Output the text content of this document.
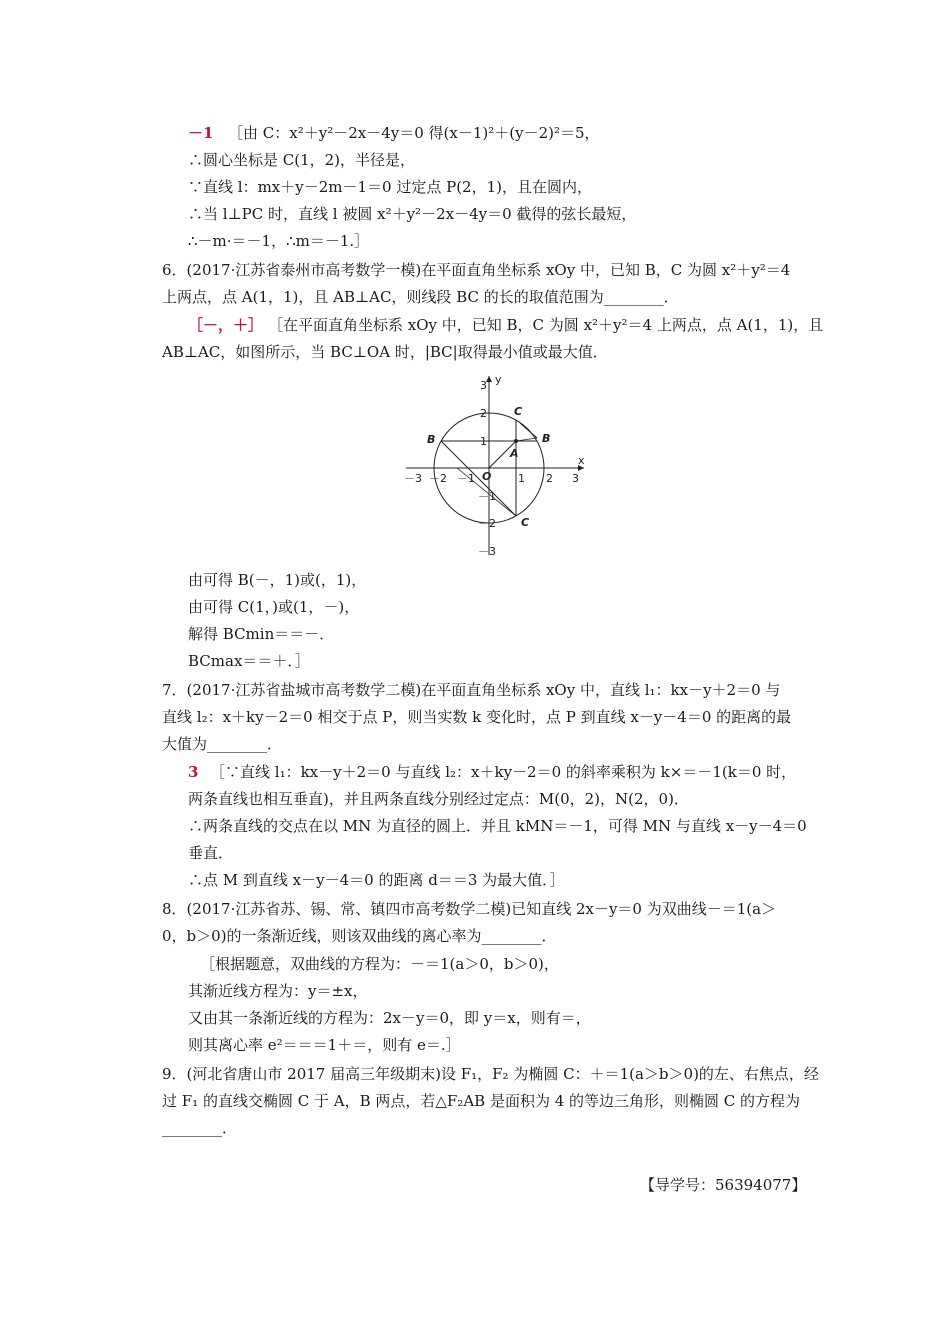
－1 ［由 C：x²＋y²－2x－4y＝0 得(x－1)²＋(y－2)²＝5，
∴圆心坐标是 C(1，2)，半径是，
∵直线 l：mx＋y－2m－1＝0 过定点 P(2，1)，且在圆内，
∴当 l⊥PC 时，直线 l 被圆 x²＋y²－2x－4y＝0 截得的弦长最短，
∴－m·＝－1，∴m＝－1.］
6．(2017·江苏省泰州市高考数学一模)在平面直角坐标系 xOy 中，已知 B，C 为圆 x²＋y²＝4
上两点，点 A(1，1)，且 AB⊥AC，则线段 BC 的长的取值范围为________．
［－，＋］ ［在平面直角坐标系 xOy 中，已知 B，C 为圆 x²＋y²＝4 上两点，点 A(1，1)，且
AB⊥AC，如图所示，当 BC⊥OA 时，|BC|取得最小值或最大值．
x
y
O
－3 －2 －1	1 2 3
3
2
1
－1
－2
－3
B	B
C
C
A
由可得 B(－，1)或(，1)，
由可得 C(1，)或(1，－)，
解得 BCmin＝＝－．
BCmax＝＝＋．］
7．(2017·江苏省盐城市高考数学二模)在平面直角坐标系 xOy 中，直线 l₁：kx－y＋2＝0 与
直线 l₂：x＋ky－2＝0 相交于点 P，则当实数 k 变化时，点 P 到直线 x－y－4＝0 的距离的最
大值为________．
3 ［∵直线 l₁：kx－y＋2＝0 与直线 l₂：x＋ky－2＝0 的斜率乘积为 k×＝－1(k＝0 时，
两条直线也相互垂直)，并且两条直线分别经过定点：M(0，2)，N(2，0)．
∴两条直线的交点在以 MN 为直径的圆上．并且 kMN＝－1，可得 MN 与直线 x－y－4＝0
垂直．
∴点 M 到直线 x－y－4＝0 的距离 d＝＝3 为最大值．］
8．(2017·江苏省苏、锡、常、镇四市高考数学二模)已知直线 2x－y＝0 为双曲线－＝1(a＞
0，b＞0)的一条渐近线，则该双曲线的离心率为________．
［根据题意，双曲线的方程为：－＝1(a＞0，b＞0)，
其渐近线方程为：y＝±x，
又由其一条渐近线的方程为：2x－y＝0，即 y＝x，则有＝，
则其离心率 e²＝＝＝1＋＝，则有 e＝.］
9．(河北省唐山市 2017 届高三年级期末)设 F₁，F₂ 为椭圆 C：＋＝1(a＞b＞0)的左、右焦点，经
过 F₁ 的直线交椭圆 C 于 A，B 两点，若△F₂AB 是面积为 4 的等边三角形，则椭圆 C 的方程为
________．
【导学号：56394077】
